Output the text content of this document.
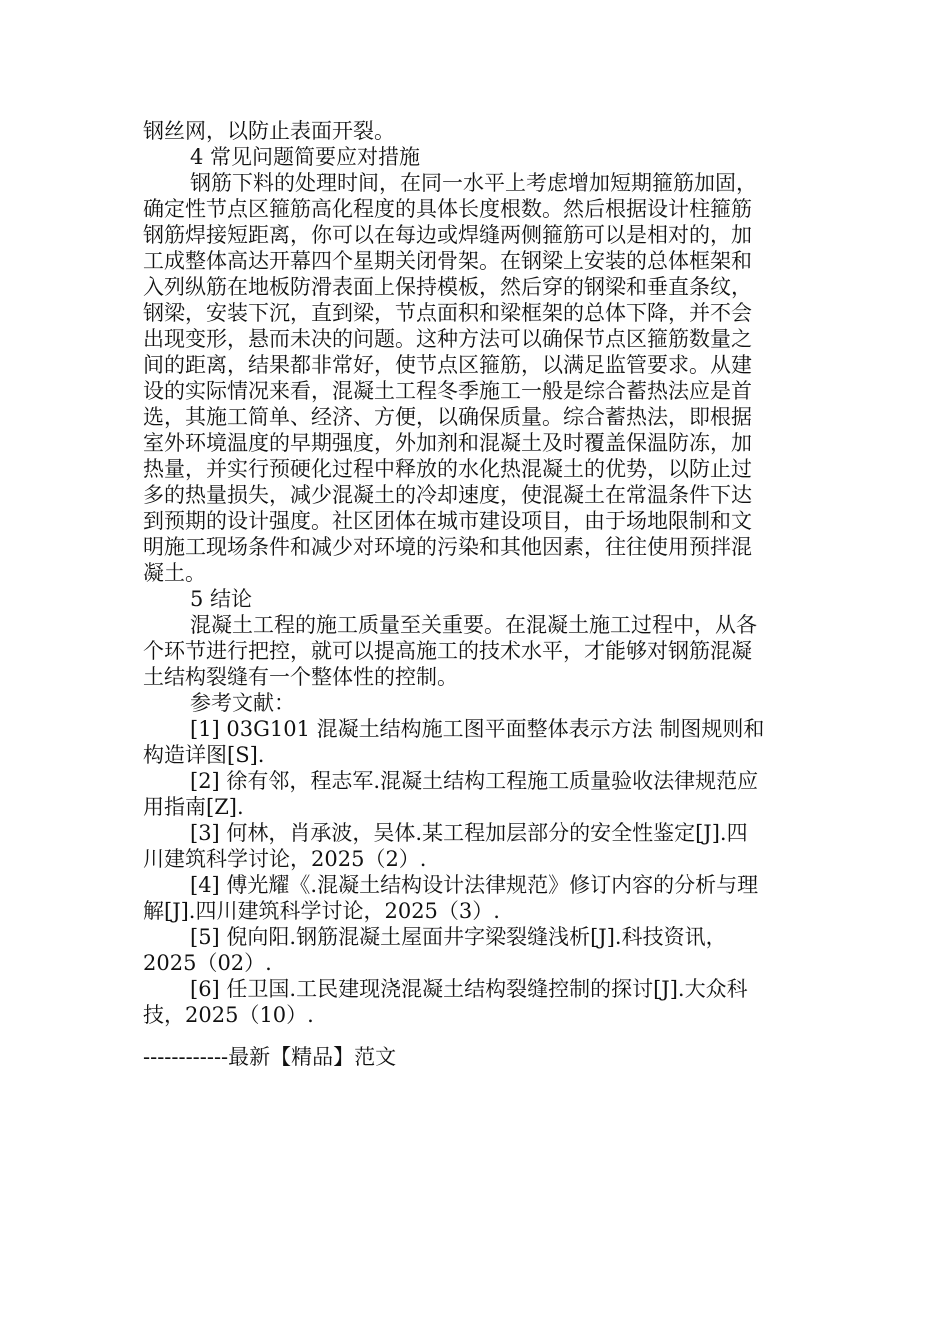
钢丝网，以防止表面开裂。
4 常见问题简要应对措施
钢筋下料的处理时间，在同一水平上考虑增加短期箍筋加固，
确定性节点区箍筋高化程度的具体长度根数。然后根据设计柱箍筋
钢筋焊接短距离，你可以在每边或焊缝两侧箍筋可以是相对的，加
工成整体高达开幕四个星期关闭骨架。在钢梁上安装的总体框架和
入列纵筋在地板防滑表面上保持模板，然后穿的钢梁和垂直条纹，
钢梁，安装下沉，直到梁，节点面积和梁框架的总体下降，并不会
出现变形，悬而未决的问题。这种方法可以确保节点区箍筋数量之
间的距离，结果都非常好，使节点区箍筋，以满足监管要求。从建
设的实际情况来看，混凝土工程冬季施工一般是综合蓄热法应是首
选，其施工简单、经济、方便，以确保质量。综合蓄热法，即根据
室外环境温度的早期强度，外加剂和混凝土及时覆盖保温防冻，加
热量，并实行预硬化过程中释放的水化热混凝土的优势，以防止过
多的热量损失，减少混凝土的冷却速度，使混凝土在常温条件下达
到预期的设计强度。社区团体在城市建设项目，由于场地限制和文
明施工现场条件和减少对环境的污染和其他因素，往往使用预拌混
凝土。
5 结论
混凝土工程的施工质量至关重要。在混凝土施工过程中，从各
个环节进行把控，就可以提高施工的技术水平，才能够对钢筋混凝
土结构裂缝有一个整体性的控制。
参考文献：
[1] 03G101 混凝土结构施工图平面整体表示方法 制图规则和
构造详图[S].
[2] 徐有邻，程志军.混凝土结构工程施工质量验收法律规范应
用指南[Z].
[3] 何林，肖承波，吴体.某工程加层部分的安全性鉴定[J].四
川建筑科学讨论，2025（2）.
[4] 傅光耀《.混凝土结构设计法律规范》修订内容的分析与理
解[J].四川建筑科学讨论，2025（3）.
[5] 倪向阳.钢筋混凝土屋面井字梁裂缝浅析[J].科技资讯，
2025（02）.
[6] 任卫国.工民建现浇混凝土结构裂缝控制的探讨[J].大众科
技，2025（10）.
------------最新【精品】范文
